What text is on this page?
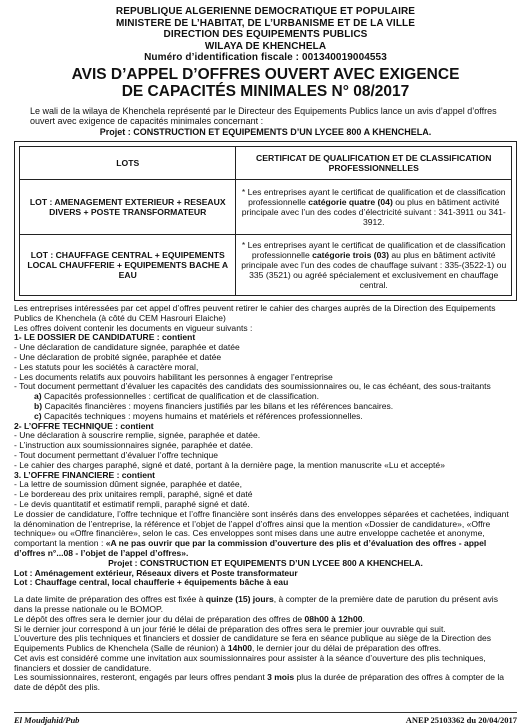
REPUBLIQUE ALGERIENNE DEMOCRATIQUE ET POPULAIRE
MINISTERE DE L’HABITAT, DE L’URBANISME ET DE LA VILLE
DIRECTION DES EQUIPEMENTS PUBLICS
WILAYA DE KHENCHELA
Numéro d’identification fiscale : 001340019004553
AVIS D’APPEL D’OFFRES OUVERT AVEC EXIGENCE
DE CAPACITÉS MINIMALES N° 08/2017
Le wali de la wilaya de Khenchela représenté par le Directeur des Equipements Publics lance un avis d’appel d’offres ouvert avec exigence de capacités minimales concernant :
Projet : CONSTRUCTION ET EQUIPEMENTS D’UN LYCEE 800 A KHENCHELA.
LOTS	CERTIFICAT DE QUALIFICATION ET DE CLASSIFICATION PROFESSIONNELLES
LOT : AMENAGEMENT EXTERIEUR + RESEAUX DIVERS + POSTE TRANSFORMATEUR	* Les entreprises ayant le certificat de qualification et de classification professionnelle catégorie quatre (04) ou plus en bâtiment activité principale avec l’un des codes d’électricité suivant : 341-3911 ou 341-3912.
LOT : CHAUFFAGE CENTRAL + EQUIPEMENTS LOCAL CHAUFFERIE + EQUIPEMENTS BACHE A EAU	* Les entreprises ayant le certificat de qualification et de classification professionnelle catégorie trois (03) au plus en bâtiment activité principale avec l’un des codes de chauffage suivant : 335-(3522-1) ou 335 (3521) ou agréé spécialement et exclusivement en chauffage central.
Les entreprises intéressées par cet appel d’offres peuvent retirer le cahier des charges auprès de la Direction des Equipements Publics de Khenchela (à côté du CEM Hasrouri Elaiche)
Les offres doivent contenir les documents en vigueur suivants :
1- LE DOSSIER DE CANDIDATURE : contient
- Une déclaration de candidature signée, paraphée et datée
- Une déclaration de probité signée, paraphée et datée
- Les statuts pour les sociétés à caractère moral,
- Les documents relatifs aux pouvoirs habilitant les personnes à engager l’entreprise
- Tout document permettant d’évaluer les capacités des candidats des soumissionnaires ou, le cas échéant, des sous-traitants
a) Capacités professionnelles : certificat de qualification et de classification.
b) Capacités financières : moyens financiers justifiés par les bilans et les références bancaires.
c) Capacités techniques : moyens humains et matériels et références professionnelles.
2- L’OFFRE TECHNIQUE : contient
- Une déclaration à souscrire remplie, signée, paraphée et datée.
- L’instruction aux soumissionnaires signée, paraphée et datée.
- Tout document permettant d’évaluer l’offre technique
- Le cahier des charges paraphé, signé et daté, portant à la dernière page, la mention manuscrite «Lu et accepté»
3. L’OFFRE FINANCIERE : contient
- La lettre de soumission dûment signée, paraphée et datée,
- Le bordereau des prix unitaires rempli, paraphé, signé et daté
- Le devis quantitatif et estimatif rempli, paraphé signé et daté.
Le dossier de candidature, l’offre technique et l’offre financière sont insérés dans des enveloppes séparées et cachetées, indiquant la dénomination de l’entreprise, la référence et l’objet de l’appel d’offres ainsi que la mention «Dossier de candidature», «Offre technique» ou «Offre financière», selon le cas. Ces enveloppes sont mises dans une autre enveloppe cachetée et anonyme, comportant la mention : «A ne pas ouvrir que par la commission d’ouverture des plis et d’évaluation des offres - appel d’offres n°...08 - l’objet de l’appel d’offres».
Projet : CONSTRUCTION ET EQUIPEMENTS D’UN LYCEE 800 A KHENCHELA.
Lot : Aménagement extérieur, Réseaux divers et Poste transformateur
Lot : Chauffage central, local chaufferie + équipements bâche à eau
La date limite de préparation des offres est fixée à quinze (15) jours, à compter de la première date de parution du présent avis dans la presse nationale ou le BOMOP.
Le dépôt des offres sera le dernier jour du délai de préparation des offres de 08h00 à 12h00.
Si le dernier jour correspond à un jour férié le délai de préparation des offres sera le premier jour ouvrable qui suit.
L’ouverture des plis techniques et financiers et dossier de candidature se fera en séance publique au siège de la Direction des Equipements Publics de Khenchela (Salle de réunion) à 14h00, le dernier jour du délai de préparation des offres.
Cet avis est considéré comme une invitation aux soumissionnaires pour assister à la séance d’ouverture des plis techniques, financiers et dossier de candidature.
Les soumissionnaires, resteront, engagés par leurs offres pendant 3 mois plus la durée de préparation des offres à compter de la date de dépôt des plis.
El Moudjahid/Pub	ANEP 25103362 du 20/04/2017
